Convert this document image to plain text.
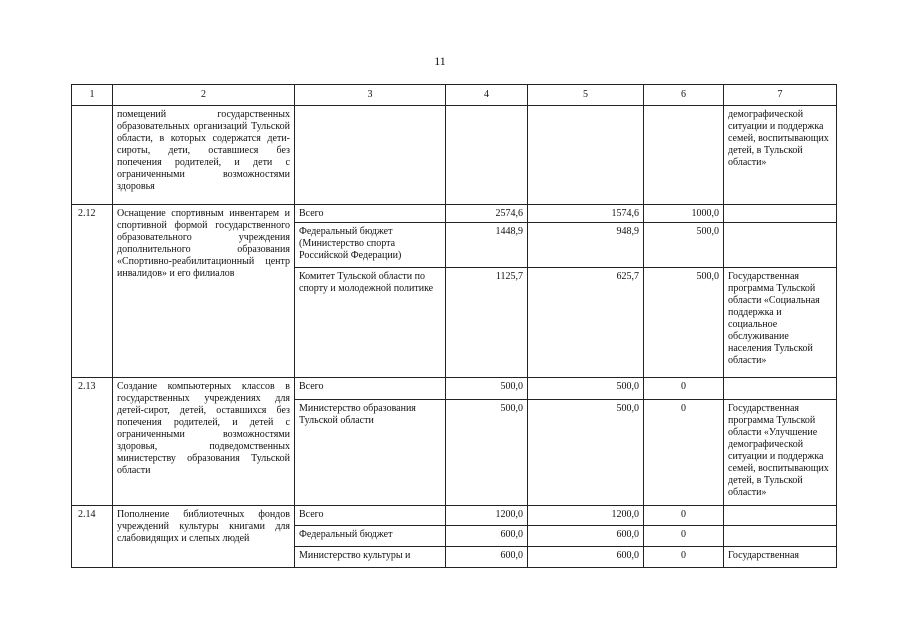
11
1	2	3	4	5	6	7
	помещений государственных образовательных организаций Тульской области, в которых содержатся дети-сироты, дети, оставшиеся без попечения родителей, и дети с ограниченными возможностями здоровья					демографической ситуации и поддержка семей, воспитывающих детей, в Тульской области»
2.12	Оснащение спортивным инвентарем и спортивной формой государственного образовательного учреждения дополнительного образования «Спортивно-реабилитационный центр инвалидов» и его филиалов	Всего	2574,6	1574,6	1000,0	
		Федеральный бюджет (Министерство спорта Российской Федерации)	1448,9	948,9	500,0	
		Комитет Тульской области по спорту и молодежной политике	1125,7	625,7	500,0	Государственная программа Тульской области «Социальная поддержка и социальное обслуживание населения Тульской области»
2.13	Создание компьютерных классов в государственных учреждениях для детей-сирот, детей, оставшихся без попечения родителей, и детей с ограниченными возможностями здоровья, подведомственных министерству образования Тульской области	Всего	500,0	500,0	0	
		Министерство образования Тульской области	500,0	500,0	0	Государственная программа Тульской области «Улучшение демографической ситуации и поддержка семей, воспитывающих детей, в Тульской области»
2.14	Пополнение библиотечных фондов учреждений культуры книгами для слабовидящих и слепых людей	Всего	1200,0	1200,0	0	
		Федеральный бюджет	600,0	600,0	0	
		Министерство культуры и	600,0	600,0	0	Государственная
